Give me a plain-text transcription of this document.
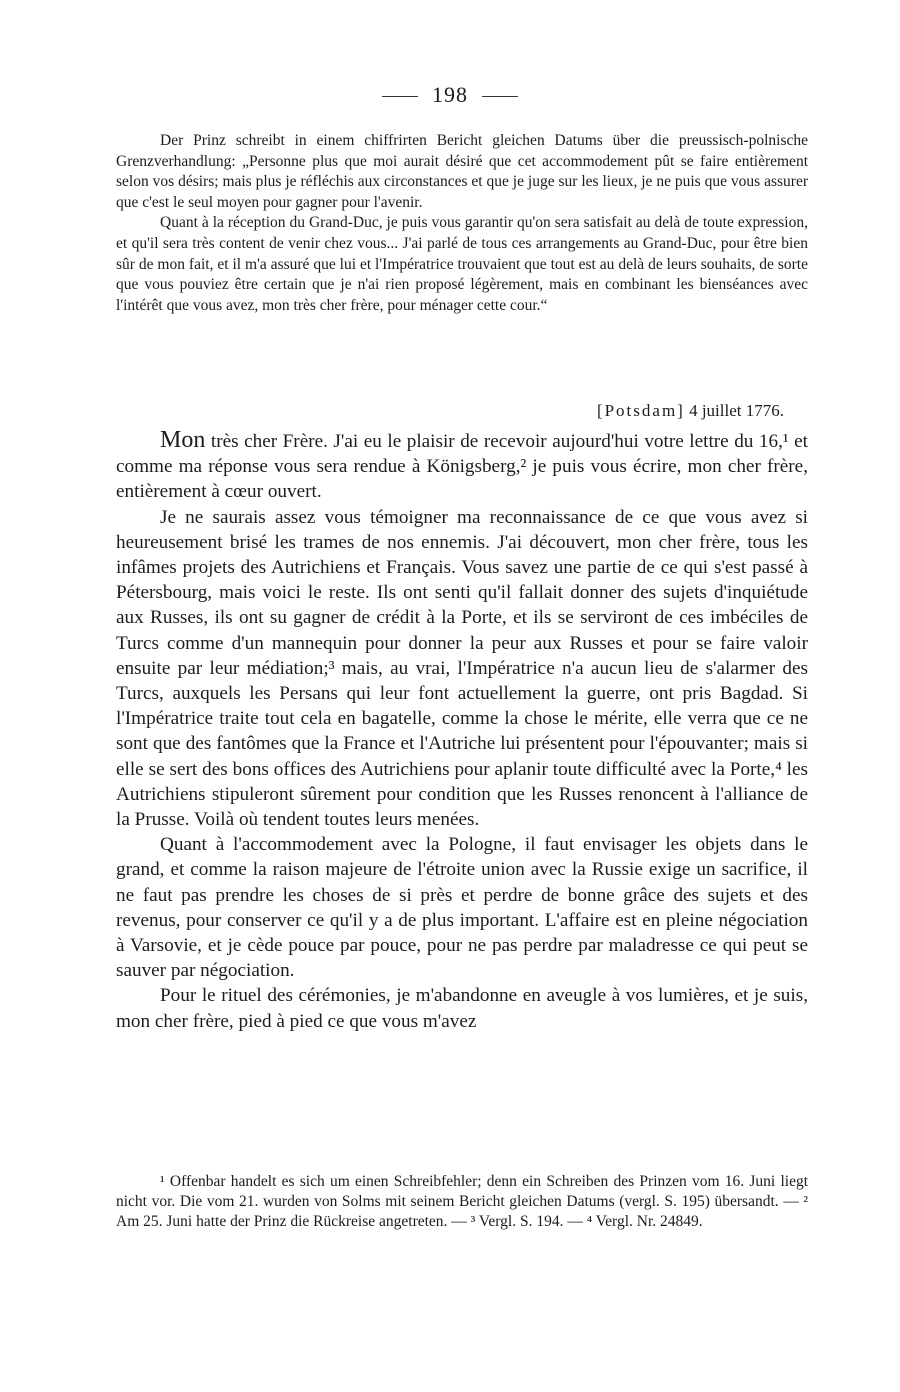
198

Der Prinz schreibt in einem chiffrirten Bericht gleichen Datums über die preussisch-polnische Grenzverhandlung: „Personne plus que moi aurait désiré que cet accommodement pût se faire entièrement selon vos désirs; mais plus je réfléchis aux circonstances et que je juge sur les lieux, je ne puis que vous assurer que c'est le seul moyen pour gagner pour l'avenir.

Quant à la réception du Grand-Duc, je puis vous garantir qu'on sera satisfait au delà de toute expression, et qu'il sera très content de venir chez vous... J'ai parlé de tous ces arrangements au Grand-Duc, pour être bien sûr de mon fait, et il m'a assuré que lui et l'Impératrice trouvaient que tout est au delà de leurs souhaits, de sorte que vous pouviez être certain que je n'ai rien proposé légèrement, mais en combinant les bienséances avec l'intérêt que vous avez, mon très cher frère, pour ménager cette cour.“

[Potsdam] 4 juillet 1776.

Mon très cher Frère. J'ai eu le plaisir de recevoir aujourd'hui votre lettre du 16,¹ et comme ma réponse vous sera rendue à Königsberg,² je puis vous écrire, mon cher frère, entièrement à cœur ouvert.

Je ne saurais assez vous témoigner ma reconnaissance de ce que vous avez si heureusement brisé les trames de nos ennemis. J'ai découvert, mon cher frère, tous les infâmes projets des Autrichiens et Français. Vous savez une partie de ce qui s'est passé à Pétersbourg, mais voici le reste. Ils ont senti qu'il fallait donner des sujets d'inquiétude aux Russes, ils ont su gagner de crédit à la Porte, et ils se serviront de ces imbéciles de Turcs comme d'un mannequin pour donner la peur aux Russes et pour se faire valoir ensuite par leur médiation;³ mais, au vrai, l'Impératrice n'a aucun lieu de s'alarmer des Turcs, auxquels les Persans qui leur font actuellement la guerre, ont pris Bagdad. Si l'Impératrice traite tout cela en bagatelle, comme la chose le mérite, elle verra que ce ne sont que des fantômes que la France et l'Autriche lui présentent pour l'épouvanter; mais si elle se sert des bons offices des Autrichiens pour aplanir toute difficulté avec la Porte,⁴ les Autrichiens stipuleront sûrement pour condition que les Russes renoncent à l'alliance de la Prusse. Voilà où tendent toutes leurs menées.

Quant à l'accommodement avec la Pologne, il faut envisager les objets dans le grand, et comme la raison majeure de l'étroite union avec la Russie exige un sacrifice, il ne faut pas prendre les choses de si près et perdre de bonne grâce des sujets et des revenus, pour conserver ce qu'il y a de plus important. L'affaire est en pleine négociation à Varsovie, et je cède pouce par pouce, pour ne pas perdre par maladresse ce qui peut se sauver par négociation.

Pour le rituel des cérémonies, je m'abandonne en aveugle à vos lumières, et je suis, mon cher frère, pied à pied ce que vous m'avez

¹ Offenbar handelt es sich um einen Schreibfehler; denn ein Schreiben des Prinzen vom 16. Juni liegt nicht vor. Die vom 21. wurden von Solms mit seinem Bericht gleichen Datums (vergl. S. 195) übersandt. — ² Am 25. Juni hatte der Prinz die Rückreise angetreten. — ³ Vergl. S. 194. — ⁴ Vergl. Nr. 24849.
